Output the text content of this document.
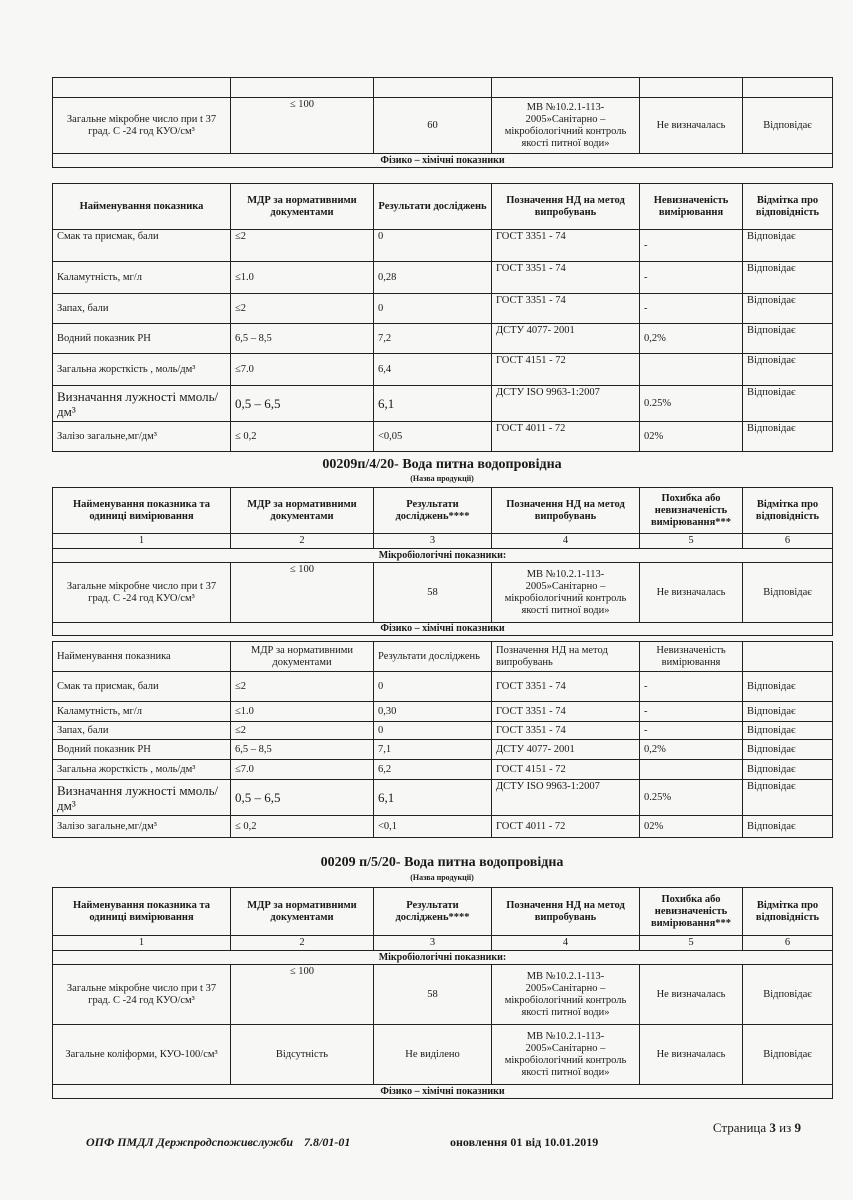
Загальне мікробне число при t 37 град. С -24 год КУО/см³	≤ 100	60	МВ №10.2.1-113-2005»Санітарно – мікробіологічний контроль якості питної води»	Не визначалась	Відповідає
Фізико – хімічні показники					
Найменування показника	МДР за нормативними документами	Результати досліджень	Позначення НД на метод випробувань	Невизначеність вимірювання	Відмітка про відповідність
Смак та присмак, бали	≤2	0	ГОСТ 3351 - 74	-	Відповідає
Каламутність, мг/л	≤1.0	0,28	ГОСТ 3351 - 74	-	Відповідає
Запах, бали	≤2	0	ГОСТ 3351 - 74	-	Відповідає
Водний показник РН	6,5 – 8,5	7,2	ДСТУ 4077- 2001	0,2%	Відповідає
Загальна жорсткість , моль/дм³	≤7.0	6,4	ГОСТ 4151 - 72		Відповідає
Визначання лужності ммоль/дм³	0,5 – 6,5	6,1	ДСТУ ISO 9963-1:2007	0.25%	Відповідає
Залізо загальне,мг/дм³	≤ 0,2	<0,05	ГОСТ 4011 - 72	02%	Відповідає
00209п/4/20- Вода питна водопровідна
(Назва продукції)
Найменування показника та одиниці вимірювання	МДР за нормативними документами	Результати досліджень****	Позначення НД на метод випробувань	Похибка або невизначеність вимірювання***	Відмітка про відповідність
1	2	3	4	5	6
Мікробіологічні показники:					
Загальне мікробне число при t 37 град. С -24 год КУО/см³	≤ 100	58	МВ №10.2.1-113-2005»Санітарно – мікробіологічний контроль якості питної води»	Не визначалась	Відповідає
Фізико – хімічні показники					
Найменування показника	МДР за нормативними документами	Результати досліджень	Позначення НД на метод випробувань	Невизначеність вимірювання	
Смак та присмак, бали	≤2	0	ГОСТ 3351 - 74	-	Відповідає
Каламутність, мг/л	≤1.0	0,30	ГОСТ 3351 - 74	-	Відповідає
Запах, бали	≤2	0	ГОСТ 3351 - 74	-	Відповідає
Водний показник РН	6,5 – 8,5	7,1	ДСТУ 4077- 2001	0,2%	Відповідає
Загальна жорсткість , моль/дм³	≤7.0	6,2	ГОСТ 4151 - 72		Відповідає
Визначання лужності ммоль/дм³	0,5 – 6,5	6,1	ДСТУ ISO 9963-1:2007	0.25%	Відповідає
Залізо загальне,мг/дм³	≤ 0,2	<0,1	ГОСТ 4011 - 72	02%	Відповідає
00209 п/5/20- Вода питна водопровідна
(Назва продукції)
Найменування показника та одиниці вимірювання	МДР за нормативними документами	Результати досліджень****	Позначення НД на метод випробувань	Похибка або невизначеність вимірювання***	Відмітка про відповідність
1	2	3	4	5	6
Мікробіологічні показники:					
Загальне мікробне число при t 37 град. С -24 год КУО/см³	≤ 100	58	МВ №10.2.1-113-2005»Санітарно – мікробіологічний контроль якості питної води»	Не визначалась	Відповідає
Загальне коліформи, КУО-100/см³	Відсутність	Не виділено	МВ №10.2.1-113-2005»Санітарно – мікробіологічний контроль якості питної води»	Не визначалась	Відповідає
Фізико – хімічні показники					
Страница 3 из 9
ОПФ ПМДЛ Держпродспоживслужби 7.8/01-01	оновлення 01 від 10.01.2019
